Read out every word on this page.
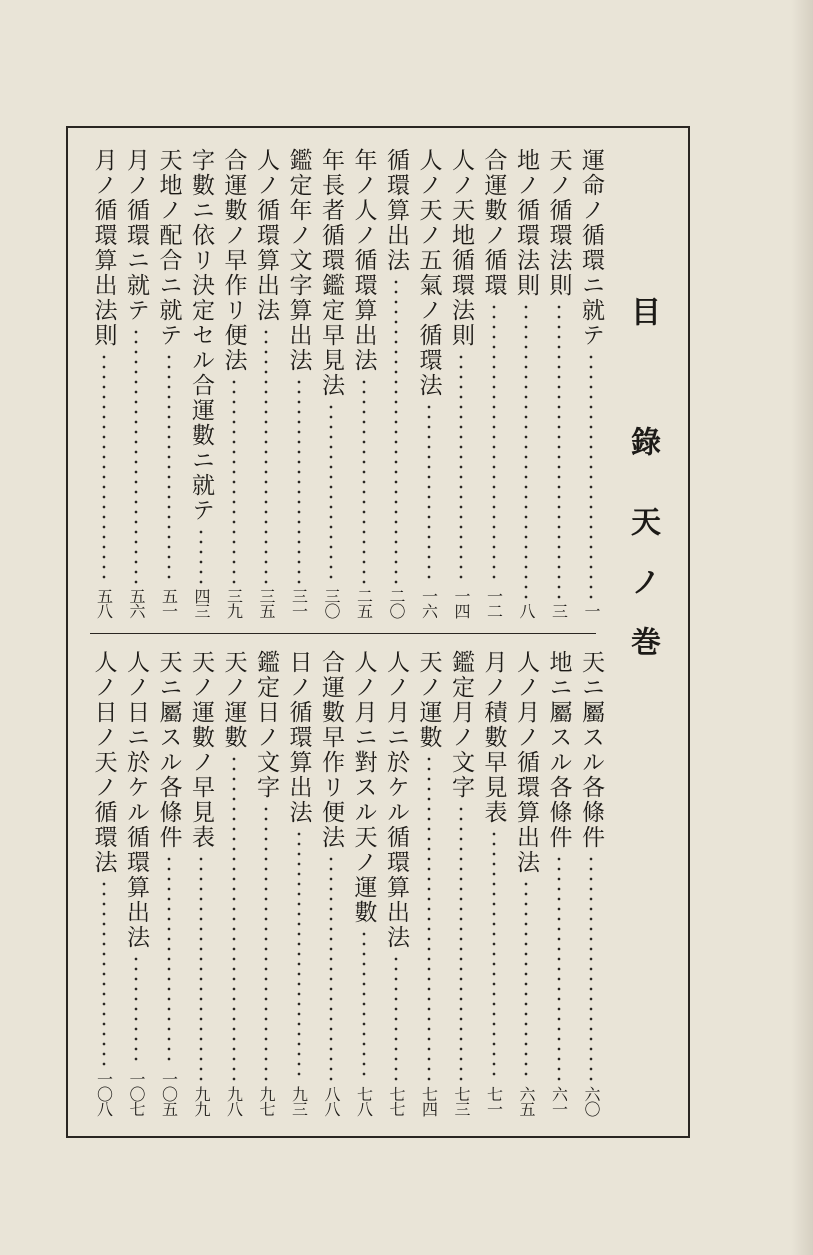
目
錄
天
ノ
巻
運命ノ循環ニ就テ
一
天ノ循環法則
三
地ノ循環法則
八
合運數ノ循環
一二
人ノ天地循環法則
一四
人ノ天ノ五氣ノ循環法
一六
循環算出法
二〇
年ノ人ノ循環算出法
二五
年長者循環鑑定早見法
三〇
鑑定年ノ文字算出法
三一
人ノ循環算出法
三五
合運數ノ早作リ便法
三九
字數ニ依リ決定セル合運數ニ就テ
四三
天地ノ配合ニ就テ
五一
月ノ循環ニ就テ
五六
月ノ循環算出法則
五八
天ニ屬スル各條件
六〇
地ニ屬スル各條件
六一
人ノ月ノ循環算出法
六五
月ノ積數早見表
七一
鑑定月ノ文字
七三
天ノ運數
七四
人ノ月ニ於ケル循環算出法
七七
人ノ月ニ對スル天ノ運數
七八
合運數早作リ便法
八八
日ノ循環算出法
九三
鑑定日ノ文字
九七
天ノ運數
九八
天ノ運數ノ早見表
九九
天ニ屬スル各條件
一〇五
人ノ日ニ於ケル循環算出法
一〇七
人ノ日ノ天ノ循環法
一〇八
